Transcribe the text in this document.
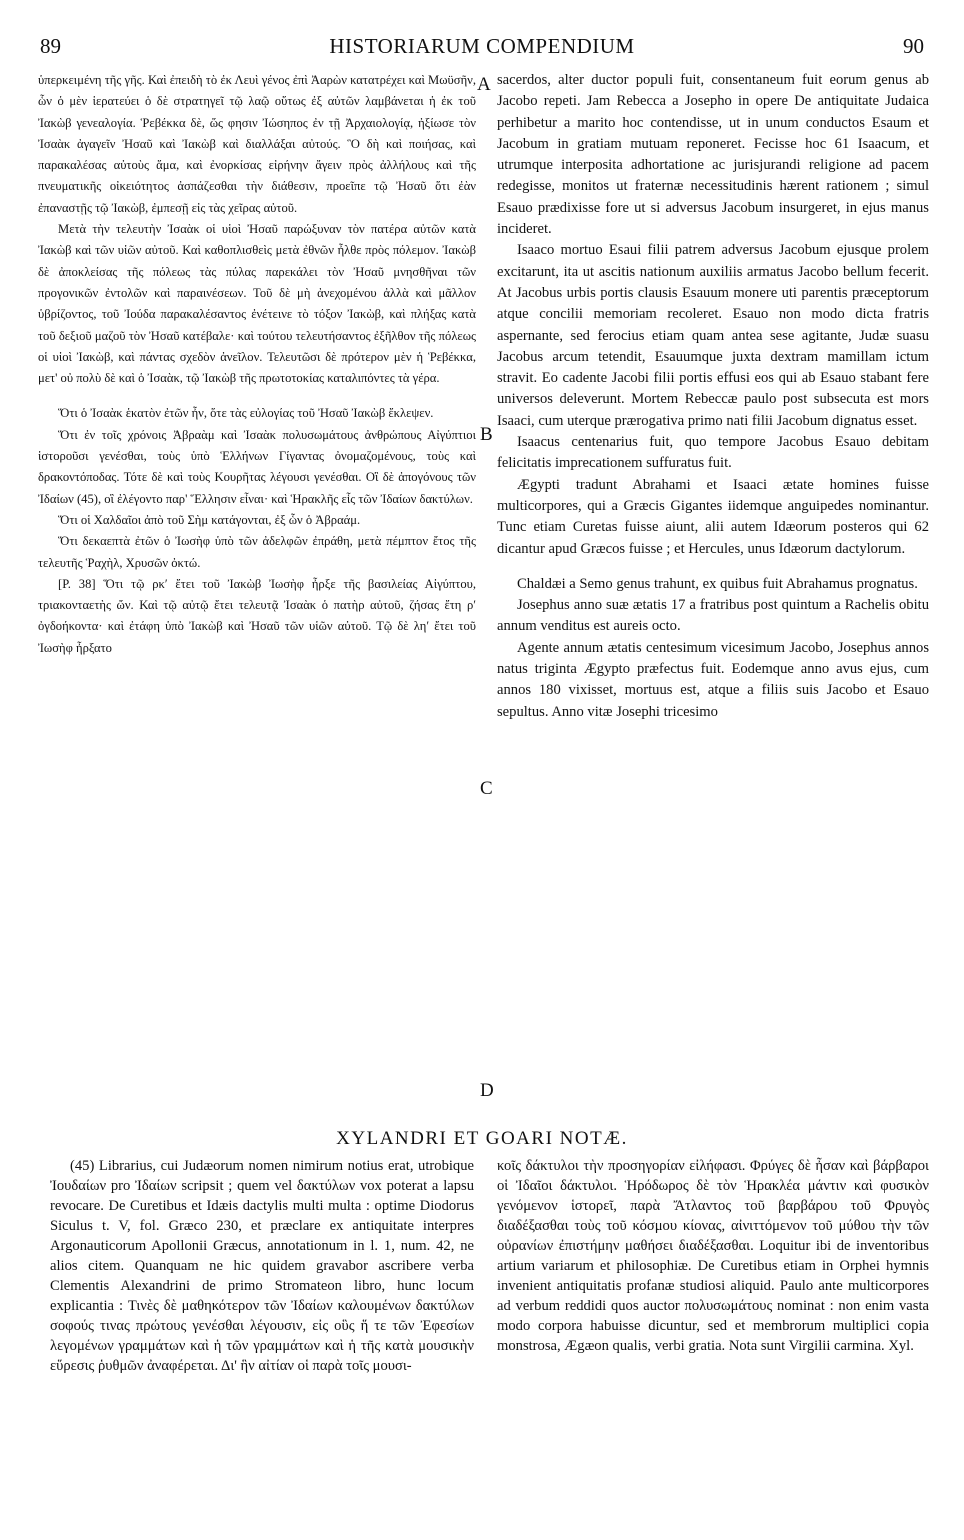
89	HISTORIARUM COMPENDIUM	90

ὑπερκειμένη τῆς γῆς. Καὶ ἐπειδὴ τὸ ἐκ Λευὶ γένος ἐπὶ Ἀαρὼν κατατρέχει καὶ Μωϋσῆν, ὧν ὁ μὲν ἱερατεύει ὁ δὲ στρατηγεῖ τῷ λαῷ οὕτως ἐξ αὐτῶν λαμβάνεται ἡ ἐκ τοῦ Ἰακὼβ γενεαλογία. Ῥεβέκκα δὲ, ὥς φησιν Ἰώσηπος ἐν τῇ Ἀρχαιολογίᾳ, ἠξίωσε τὸν Ἰσαὰκ ἀγαγεῖν Ἠσαῦ καὶ Ἰακὼβ καὶ διαλλάξαι αὐτούς. Ὃ δὴ καὶ ποιήσας, καὶ παρακαλέσας αὐτοὺς ἅμα, καὶ ἐνορκίσας εἰρήνην ἄγειν πρὸς ἀλλήλους καὶ τῆς πνευματικῆς οἰκειότητος ἀσπάζεσθαι τὴν διάθεσιν, προεῖπε τῷ Ἠσαῦ ὅτι ἐὰν ἐπαναστῇς τῷ Ἰακὼβ, ἐμπεσῇ εἰς τὰς χεῖρας αὐτοῦ.

Μετὰ τὴν τελευτὴν Ἰσαὰκ οἱ υἱοὶ Ἠσαῦ παρώξυναν τὸν πατέρα αὐτῶν κατὰ Ἰακὼβ καὶ τῶν υἱῶν αὐτοῦ. Καὶ καθοπλισθεὶς μετὰ ἐθνῶν ἦλθε πρὸς πόλεμον. Ἰακὼβ δὲ ἀποκλείσας τῆς πόλεως τὰς πύλας παρεκάλει τὸν Ἠσαῦ μνησθῆναι τῶν προγονικῶν ἐντολῶν καὶ παραινέσεων. Τοῦ δὲ μὴ ἀνεχομένου ἀλλὰ καὶ μᾶλλον ὑβρίζοντος, τοῦ Ἰούδα παρακαλέσαντος ἐνέτεινε τὸ τόξον Ἰακὼβ, καὶ πλήξας κατὰ τοῦ δεξιοῦ μαζοῦ τὸν Ἠσαῦ κατέβαλε· καὶ τούτου τελευτήσαντος ἐξῆλθον τῆς πόλεως οἱ υἱοὶ Ἰακὼβ, καὶ πάντας σχεδὸν ἀνεῖλον. Τελευτῶσι δὲ πρότερον μὲν ἡ Ῥεβέκκα, μετ' οὐ πολὺ δὲ καὶ ὁ Ἰσαὰκ, τῷ Ἰακὼβ τῆς πρωτοτοκίας καταλιπόντες τὰ γέρα.

Ὅτι ὁ Ἰσαὰκ ἑκατὸν ἐτῶν ἦν, ὅτε τὰς εὐλογίας τοῦ Ἠσαῦ Ἰακὼβ ἔκλεψεν.

Ὅτι ἐν τοῖς χρόνοις Ἀβραὰμ καὶ Ἰσαὰκ πολυσωμάτους ἀνθρώπους Αἰγύπτιοι ἱστοροῦσι γενέσθαι, τοὺς ὑπὸ Ἑλλήνων Γίγαντας ὀνομαζομένους, τοὺς καὶ δρακοντόποδας. Τότε δὲ καὶ τοὺς Κουρῆτας λέγουσι γενέσθαι. Οἳ δὲ ἀπογόνους τῶν Ἰδαίων (45), οἳ ἐλέγοντο παρ' Ἕλλησιν εἶναι· καὶ Ἡρακλῆς εἷς τῶν Ἰδαίων δακτύλων.

Ὅτι οἱ Χαλδαῖοι ἀπὸ τοῦ Σὴμ κατάγονται, ἐξ ὧν ὁ Ἀβραάμ.

Ὅτι δεκαεπτὰ ἐτῶν ὁ Ἰωσὴφ ὑπὸ τῶν ἀδελφῶν ἐπράθη, μετὰ πέμπτον ἔτος τῆς τελευτῆς Ῥαχὴλ, Χρυσῶν ὀκτώ.

[P. 38] Ὅτι τῷ ρκʹ ἔτει τοῦ Ἰακὼβ Ἰωσὴφ ἦρξε τῆς βασιλείας Αἰγύπτου, τριακονταετὴς ὤν. Καὶ τῷ αὐτῷ ἔτει τελευτᾷ Ἰσαὰκ ὁ πατὴρ αὐτοῦ, ζήσας ἔτη ρʹ ὀγδοήκοντα· καὶ ἐτάφη ὑπὸ Ἰακὼβ καὶ Ἠσαῦ τῶν υἱῶν αὐτοῦ. Τῷ δὲ ληʹ ἔτει τοῦ Ἰωσὴφ ἦρξατο

A
B
C
D

sacerdos, alter ductor populi fuit, consentaneum fuit eorum genus ab Jacobo repeti. Jam Rebecca a Josepho in opere De antiquitate Judaica perhibetur a marito hoc contendisse, ut in unum conductos Esaum et Jacobum in gratiam mutuam reponeret. Fecisse hoc 61 Isaacum, et utrumque interposita adhortatione ac jurisjurandi religione ad pacem redegisse, monitos ut fraternæ necessitudinis hærent rationem ; simul Esauo prædixisse fore ut si adversus Jacobum insurgeret, in ejus manus incideret.

Isaaco mortuo Esaui filii patrem adversus Jacobum ejusque prolem excitarunt, ita ut ascitis nationum auxiliis armatus Jacobo bellum fecerit. At Jacobus urbis portis clausis Esauum monere uti parentis præceptorum atque concilii memoriam recoleret. Esauo non modo dicta fratris aspernante, sed ferocius etiam quam antea sese agitante, Judæ suasu Jacobus arcum tetendit, Esauumque juxta dextram mamillam ictum stravit. Eo cadente Jacobi filii portis effusi eos qui ab Esauo stabant fere universos deleverunt. Mortem Rebeccæ paulo post subsecuta est mors Isaaci, cum uterque prærogativa primo nati filii Jacobum dignatus esset.

Isaacus centenarius fuit, quo tempore Jacobus Esauo debitam felicitatis imprecationem suffuratus fuit.

Ægypti tradunt Abrahami et Isaaci ætate homines fuisse multicorpores, qui a Græcis Gigantes iidemque anguipedes nominantur. Tunc etiam Curetas fuisse aiunt, alii autem Idæorum posteros qui 62 dicantur apud Græcos fuisse ; et Hercules, unus Idæorum dactylorum.

Chaldæi a Semo genus trahunt, ex quibus fuit Abrahamus prognatus.

Josephus anno suæ ætatis 17 a fratribus post quintum a Rachelis obitu annum venditus est aureis octo.

Agente annum ætatis centesimum vicesimum Jacobo, Josephus annos natus triginta Ægypto præfectus fuit. Eodemque anno avus ejus, cum annos 180 vixisset, mortuus est, atque a filiis suis Jacobo et Esauo sepultus. Anno vitæ Josephi tricesimo

XYLANDRI ET GOARI NOTÆ.

(45) Librarius, cui Judæorum nomen nimirum notius erat, utrobique Ἰουδαίων pro Ἰδαίων scripsit ; quem vel δακτύλων vox poterat a lapsu revocare. De Curetibus et Idæis dactylis multi multa : optime Diodorus Siculus t. V, fol. Græco 230, et præclare ex antiquitate interpres Argonauticorum Apollonii Græcus, annotationum in l. 1, num. 42, ne alios citem. Quanquam ne hic quidem gravabor ascribere verba Clementis Alexandrini de primo Stromateon libro, hunc locum explicantia : Τινὲς δὲ μαθηκότερον τῶν Ἰδαίων καλουμένων δακτύλων σοφούς τινας πρώτους γενέσθαι λέγουσιν, εἰς οὓς ἥ τε τῶν Ἐφεσίων λεγομένων γραμμάτων καὶ ἡ τῶν γραμμάτων καὶ ἡ τῆς κατὰ μουσικὴν εὕρεσις ῥυθμῶν ἀναφέρεται. Δι' ἣν αἰτίαν οἱ παρὰ τοῖς μουσι-

κοῖς δάκτυλοι τὴν προσηγορίαν εἰλήφασι. Φρύγες δὲ ἦσαν καὶ βάρβαροι οἱ Ἰδαῖοι δάκτυλοι. Ἡρόδωρος δὲ τὸν Ἡρακλέα μάντιν καὶ φυσικὸν γενόμενον ἱστορεῖ, παρὰ Ἄτλαντος τοῦ βαρβάρου τοῦ Φρυγὸς διαδέξασθαι τοὺς τοῦ κόσμου κίονας, αἰνιττόμενον τοῦ μύθου τὴν τῶν οὐρανίων ἐπιστήμην μαθήσει διαδέξασθαι. Loquitur ibi de inventoribus artium variarum et philosophiæ. De Curetibus etiam in Orphei hymnis invenient antiquitatis profanæ studiosi aliquid. Paulo ante multicorpores ad verbum reddidi quos auctor πολυσωμάτους nominat : non enim vasta modo corpora habuisse dicuntur, sed et membrorum multiplici copia monstrosa, Ægæon qualis, verbi gratia. Nota sunt Virgilii carmina. Xyl.
